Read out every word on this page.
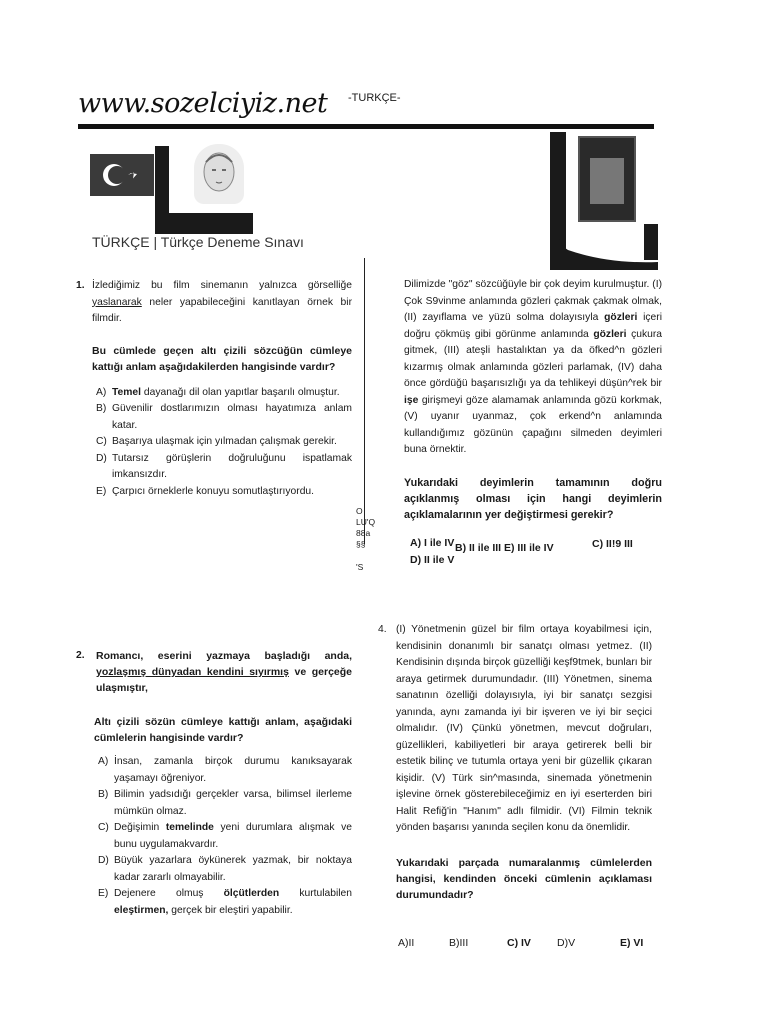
www.sozelciyiz.net -TURKÇE-
TÜRKÇE | Türkçe Deneme Sınavı
1. İzlediğimiz bu film sinemanın yalnızca görselliğe yaslanarak neler yapabileceğini kanıtlayan örnek bir filmdir.

Bu cümlede geçen altı çizili sözcüğün cümleye kattığı anlam aşağıdakilerden hangisinde vardır?

A) Temel dayanağı dil olan yapıtlar başarılı olmuştur.
B) Güvenilir dostlarımızın olması hayatımıza anlam katar.
C) Başarıya ulaşmak için yılmadan çalışmak gerekir.
D) Tutarsız görüşlerin doğruluğunu ispatlamak imkansızdır.
E) Çarpıcı örneklerle konuyu somutlaştırıyordu.
O
LU'Q
88a
§§
'S

Dilimizde "göz" sözcüğüyle bir çok deyim kurulmuştur. (I) Çok S9vinme anlamında gözleri çakmak çakmak olmak, (II) zayıflama ve yüzü solma dolayısıyla gözleri içeri doğru çökmüş gibi görünme anlamında gözleri çukura gitmek, (III) ateşli hastalıktan ya da öfked^n gözleri kızarmış olmak anlamında gözleri parlamak, (IV) daha önce gördüğü başarısızlığı ya da tehlikeyi düşün^rek bir işe girişmeyi göze alamamak anlamında gözü korkmak, (V) uyanır uyanmaz, çok erkend^n anlamında kullandığımız gözünün çapağını silmeden deyimleri buna örnektir.

Yukarıdaki deyimlerin tamamının doğru açıklanmış olması için hangi deyimlerin açıklamalarının yer değiştirmesi gerekir?

A) I ile IV B) II ile III E) III ile IV	C) II!9 III
D) II ile V
2.	Romancı, eserini yazmaya başladığı anda, yozlaşmış dünyadan kendini sıyırmış ve gerçeğe ulaşmıştır,

Altı çizili sözün cümleye kattığı anlam, aşağıdaki cümlelerin hangisinde vardır?

A) İnsan, zamanla birçok durumu kanıksayarak yaşamayı öğreniyor.
B) Bilimin yadsıdığı gerçekler varsa, bilimsel ilerleme mümkün olmaz.
C) Değişimin temelinde yeni durumlara alışmak ve bunu uygulamakvardır.
D) Büyük yazarlara öykünerek yazmak, bir noktaya kadar zararlı olmayabilir.
E) Dejenere olmuş ölçütlerden kurtulabilen eleştirmen, gerçek bir eleştiri yapabilir.
4. (I) Yönetmenin güzel bir film ortaya koyabilmesi için, kendisinin donanımlı bir sanatçı olması yetmez. (II) Kendisinin dışında birçok güzelliği keşf9tmek, bunları bir araya getirmek durumundadır. (III) Yönetmen, sinema sanatının özelliği dolayısıyla, iyi bir sanatçı sezgisi yanında, aynı zamanda iyi bir işveren ve iyi bir seçici olmalıdır. (IV) Çünkü yönetmen, mevcut doğruları, güzellikleri, kabiliyetleri bir araya getirerek belli bir estetik bilinç ve tutumla ortaya yeni bir güzellik çıkaran kişidir. (V) Türk sin^masında, sinemada yönetmenin işlevine örnek gösterebileceğimiz en iyi eserterden biri Halit Refiğ'in "Hanım" adlı filmidir. (VI) Filmin teknik yönden başarısı yanında seçilen konu da önemlidir.

Yukarıdaki parçada numaralanmış cümlelerden hangisi, kendinden önceki cümlenin açıklaması durumundadır?

A)II	B)III	C) IV D)V	E) VI
